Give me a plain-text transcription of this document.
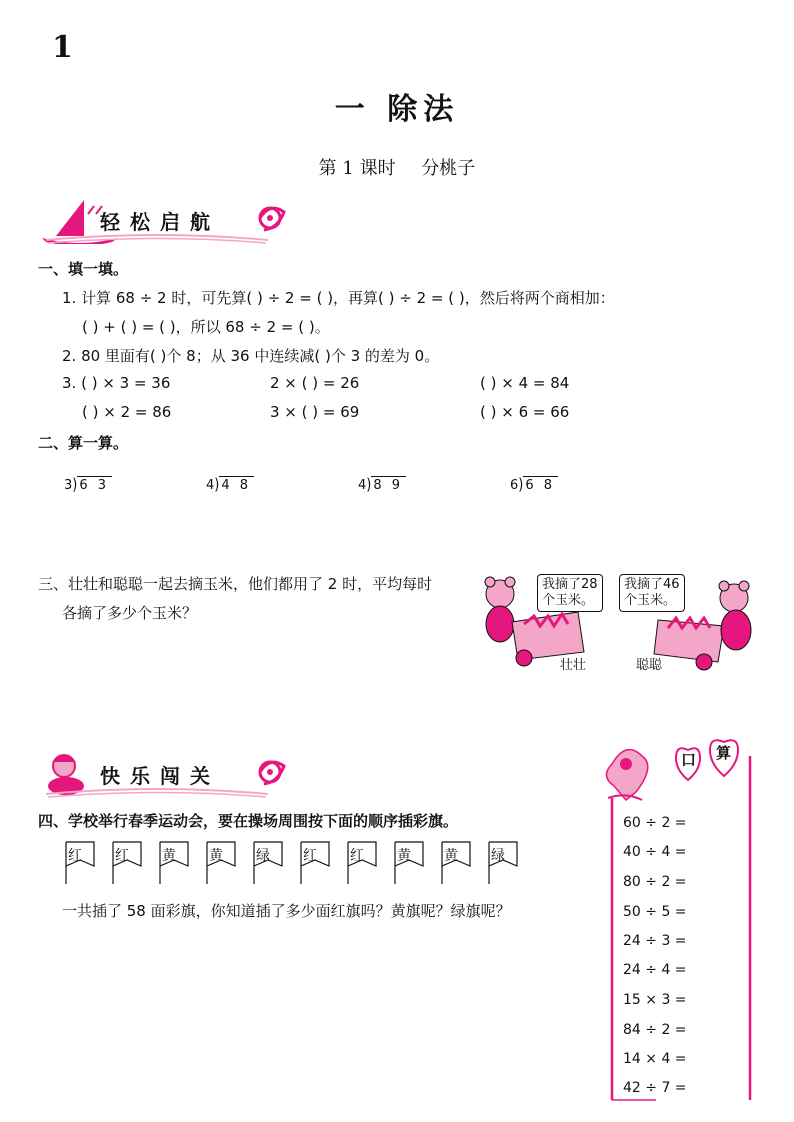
1
一 除法
第 1 课时 分桃子
轻松启航
一、填一填。
1. 计算 68 ÷ 2 时，可先算( ) ÷ 2 = ( )，再算( ) ÷ 2 = ( )，然后将两个商相加：
( ) + ( ) = ( )，所以 68 ÷ 2 = ( )。
2. 80 里面有( )个 8；从 36 中连续减( )个 3 的差为 0。
3. ( ) × 3 = 36	2 × ( ) = 26	( ) × 4 = 84
( ) × 2 = 86	3 × ( ) = 69	( ) × 6 = 66
二、算一算。
3) 6 3	4) 4 8	4) 8 9	6) 6 8
三、壮壮和聪聪一起去摘玉米，他们都用了 2 时，平均每时
各摘了多少个玉米？
我摘了28
个玉米。
我摘了46
个玉米。
壮壮	聪聪
快乐闯关
四、学校举行春季运动会，要在操场周围按下面的顺序插彩旗。
红 红 黄 黄 绿 红 红 黄 黄 绿
一共插了 58 面彩旗，你知道插了多少面红旗吗？黄旗呢？绿旗呢？
口 算
60 ÷ 2 =
40 ÷ 4 =
80 ÷ 2 =
50 ÷ 5 =
24 ÷ 3 =
24 ÷ 4 =
15 × 3 =
84 ÷ 2 =
14 × 4 =
42 ÷ 7 =
